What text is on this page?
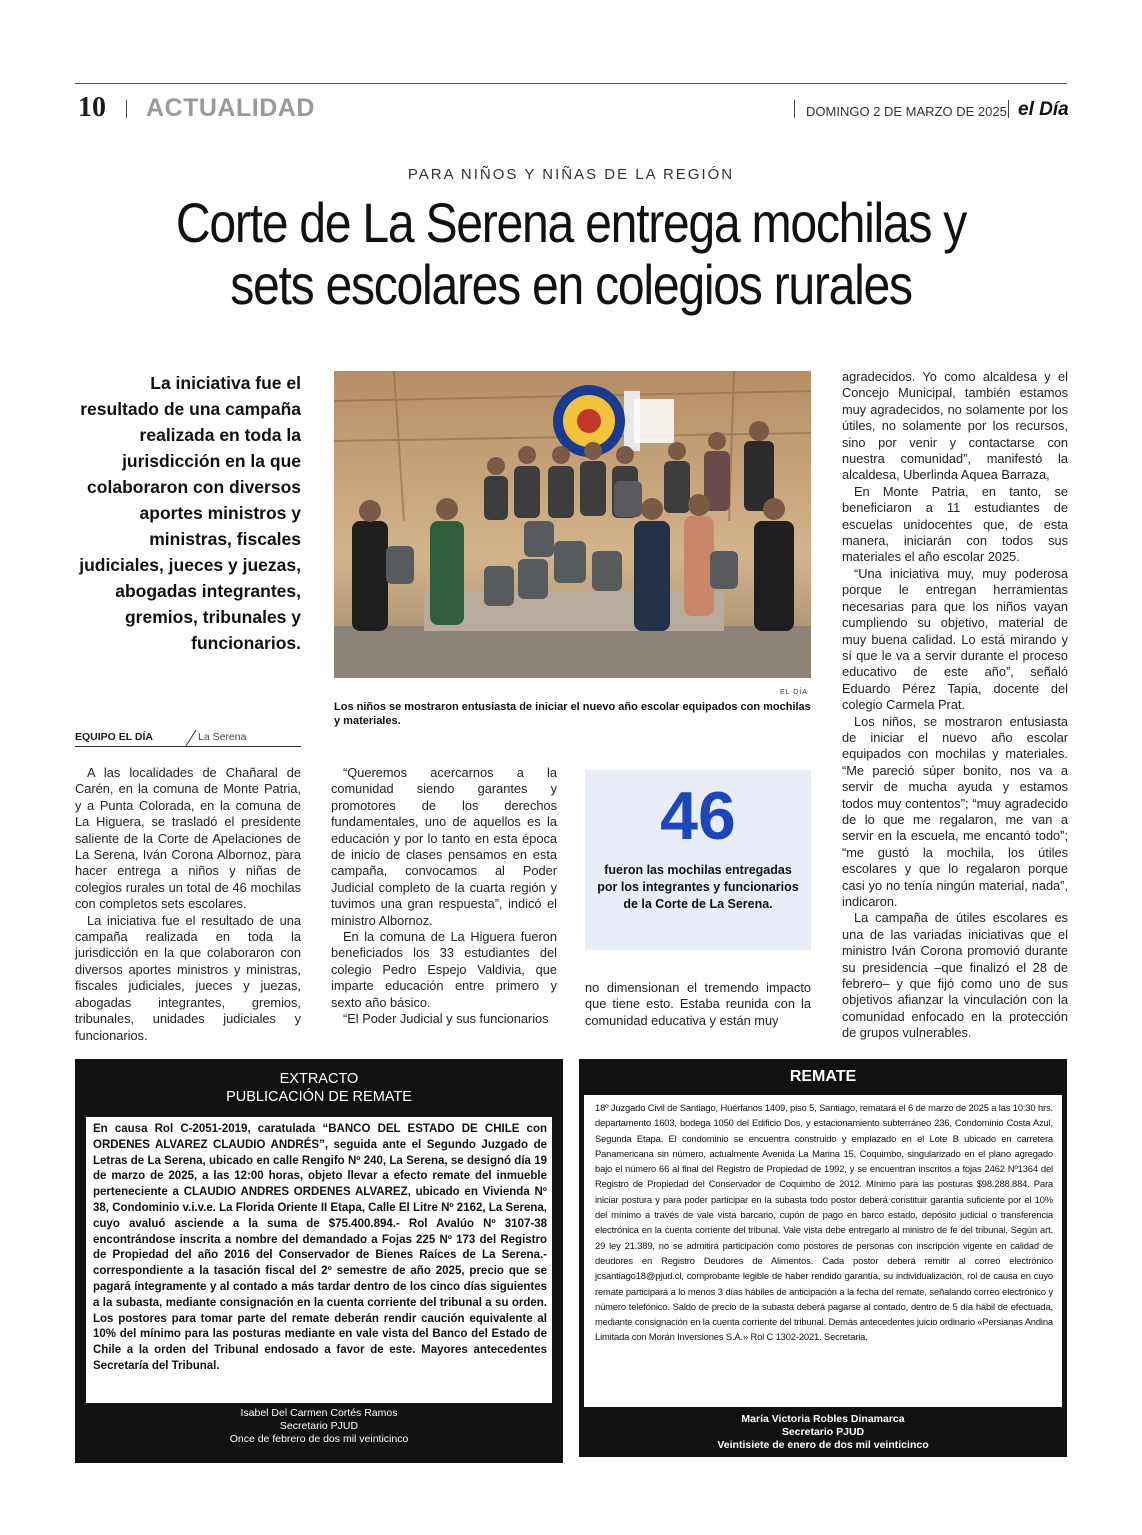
10 ACTUALIDAD	DOMINGO 2 DE MARZO DE 2025 el Día
PARA NIÑOS Y NIÑAS DE LA REGIÓN
Corte de La Serena entrega mochilas y sets escolares en colegios rurales
La iniciativa fue el resultado de una campaña realizada en toda la jurisdicción en la que colaboraron con diversos aportes ministros y ministras, fiscales judiciales, jueces y juezas, abogadas integrantes, gremios, tribunales y funcionarios.
EL DÍA
Los niños se mostraron entusiasta de iniciar el nuevo año escolar equipados con mochilas y materiales.
EQUIPO EL DÍA	La Serena

A las localidades de Chañaral de Carén, en la comuna de Monte Patria, y a Punta Colorada, en la comuna de La Higuera, se trasladó el presidente saliente de la Corte de Apelaciones de La Serena, Iván Corona Albornoz, para hacer entrega a niños y niñas de colegios rurales un total de 46 mochilas con completos sets escolares.

La iniciativa fue el resultado de una campaña realizada en toda la jurisdicción en la que colaboraron con diversos aportes ministros y ministras, fiscales judiciales, jueces y juezas, abogadas integrantes, gremios, tribunales, unidades judiciales y funcionarios.

“Queremos acercarnos a la comunidad siendo garantes y promotores de los derechos fundamentales, uno de aquellos es la educación y por lo tanto en esta época de inicio de clases pensamos en esta campaña, convocamos al Poder Judicial completo de la cuarta región y tuvimos una gran respuesta”, indicó el ministro Albornoz.

En la comuna de La Higuera fueron beneficiados los 33 estudiantes del colegio Pedro Espejo Valdivia, que imparte educación entre primero y sexto año básico.

“El Poder Judicial y sus funcionarios

46
fueron las mochilas entregadas por los integrantes y funcionarios de la Corte de La Serena.

no dimensionan el tremendo impacto que tiene esto. Estaba reunida con la comunidad educativa y están muy

agradecidos. Yo como alcaldesa y el Concejo Municipal, también estamos muy agradecidos, no solamente por los útiles, no solamente por los recursos, sino por venir y contactarse con nuestra comunidad”, manifestó la alcaldesa, Uberlinda Aquea Barraza,

En Monte Patria, en tanto, se beneficiaron a 11 estudiantes de escuelas unidocentes que, de esta manera, iniciarán con todos sus materiales el año escolar 2025.

“Una iniciativa muy, muy poderosa porque le entregan herramientas necesarias para que los niños vayan cumpliendo su objetivo, material de muy buena calidad. Lo está mirando y sí que le va a servir durante el proceso educativo de este año”, señaló Eduardo Pérez Tapia, docente del colegio Carmela Prat.

Los niños, se mostraron entusiasta de iniciar el nuevo año escolar equipados con mochilas y materiales. “Me pareció súper bonito, nos va a servir de mucha ayuda y estamos todos muy contentos”; “muy agradecido de lo que me regalaron, me van a servir en la escuela, me encantó todo”; “me gustó la mochila, los útiles escolares y que lo regalaron porque casi yo no tenía ningún material, nada”, indicaron.

La campaña de útiles escolares es una de las variadas iniciativas que el ministro Iván Corona promovió durante su presidencia –que finalizó el 28 de febrero– y que fijó como uno de sus objetivos afianzar la vinculación con la comunidad enfocado en la protección de grupos vulnerables.

EXTRACTO
PUBLICACIÓN DE REMATE
En causa Rol C-2051-2019, caratulada “BANCO DEL ESTADO DE CHILE con ORDENES ALVAREZ CLAUDIO ANDRÉS”, seguida ante el Segundo Juzgado de Letras de La Serena, ubicado en calle Rengifo Nº 240, La Serena, se designó día 19 de marzo de 2025, a las 12:00 horas, objeto llevar a efecto remate del inmueble perteneciente a CLAUDIO ANDRES ORDENES ALVAREZ, ubicado en Vivienda Nº 38, Condominio v.i.v.e. La Florida Oriente II Etapa, Calle El Litre Nº 2162, La Serena, cuyo avaluó asciende a la suma de $75.400.894.- Rol Avalúo Nº 3107-38 encontrándose inscrita a nombre del demandado a Fojas 225 Nº 173 del Registro de Propiedad del año 2016 del Conservador de Bienes Raíces de La Serena.- correspondiente a la tasación fiscal del 2º semestre de año 2025, precio que se pagará íntegramente y al contado a más tardar dentro de los cinco días siguientes a la subasta, mediante consignación en la cuenta corriente del tribunal a su orden. Los postores para tomar parte del remate deberán rendir caución equivalente al 10% del mínimo para las posturas mediante en vale vista del Banco del Estado de Chile a la orden del Tribunal endosado a favor de este. Mayores antecedentes Secretaría del Tribunal.
Isabel Del Carmen Cortés Ramos
Secretario PJUD
Once de febrero de dos mil veinticinco
REMATE
18º Juzgado Civil de Santiago, Huérfanos 1409, piso 5, Santiago, rematará el 6 de marzo de 2025 a las 10:30 hrs. departamento 1603, bodega 1050 del Edificio Dos, y estacionamiento subterráneo 236, Condominio Costa Azul, Segunda Etapa. El condominio se encuentra construido y emplazado en el Lote B ubicado en carretera Panamericana sin número, actualmente Avenida La Marina 15, Coquimbo, singularizado en el plano agregado bajo el número 66 al final del Registro de Propiedad de 1992, y se encuentran inscritos a fojas 2462 Nº1364 del Registro de Propiedad del Conservador de Coquimbo de 2012. Mínimo para las posturas $98.288.884. Para iniciar postura y para poder participar en la subasta todo postor deberá constituir garantía suficiente por el 10% del mínimo a través de vale vista barcario, cupón de pago en barco estado, depósito judicial o transferencia electrónica en la cuenta corriente del tribunal. Vale vista debe entregarlo al ministro de fe del tribunal. Según art. 29 ley 21.389, no se admitirá participación como postores de personas con inscripción vigente en calidad de deudores en Registro Deudores de Alimentos. Cada postor deberá remitir al correo electrónico jcsantiago18@pjud.cl, comprobante legible de haber rendido garantía, su individualización, rol de causa en cuyo remate participará a lo menos 3 días hábiles de anticipación a la fecha del remate, señalando correo electrónico y número telefónico. Saldo de precio de la subasta deberá pagarse al contado, dentro de 5 día hábil de efectuada, mediante consignación en la cuenta corriente del tribunal. Demás antecedentes juicio ordinario «Persianas Andina Limitada con Morán Inversiones S.A.» Rol C 1302-2021. Secretaria.
María Victoria Robles Dinamarca
Secretario PJUD
Veintisiete de enero de dos mil veinticinco
